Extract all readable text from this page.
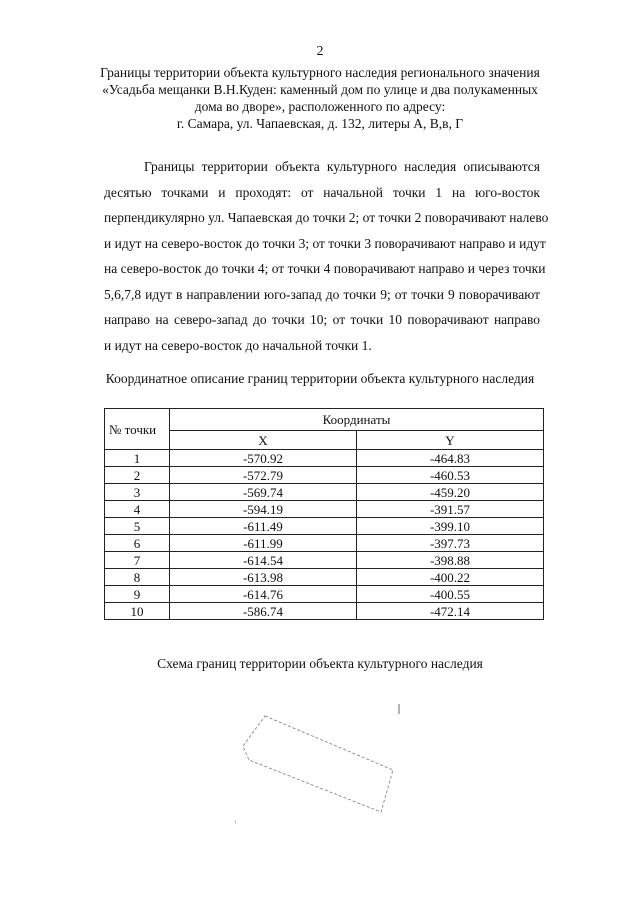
2
Границы территории объекта культурного наследия регионального значения
«Усадьба мещанки В.Н.Куден: каменный дом по улице и два полукаменных
дома во дворе», расположенного по адресу:
г. Самара, ул. Чапаевская, д. 132, литеры А, В,в, Г
Границы территории объекта культурного наследия описываются
десятью точками и проходят: от начальной точки 1 на юго-восток
перпендикулярно ул. Чапаевская до точки 2; от точки 2 поворачивают налево
и идут на северо-восток до точки 3; от точки 3 поворачивают направо и идут
на северо-восток до точки 4; от точки 4 поворачивают направо и через точки
5,6,7,8 идут в направлении юго-запад до точки 9; от точки 9 поворачивают
направо на северо-запад до точки 10; от точки 10 поворачивают направо
и идут на северо-восток до начальной точки 1.
Координатное описание границ территории объекта культурного наследия
№ точки	Координаты	
	X	Y
1	-570.92	-464.83
2	-572.79	-460.53
3	-569.74	-459.20
4	-594.19	-391.57
5	-611.49	-399.10
6	-611.99	-397.73
7	-614.54	-398.88
8	-613.98	-400.22
9	-614.76	-400.55
10	-586.74	-472.14
Схема границ территории объекта культурного наследия
